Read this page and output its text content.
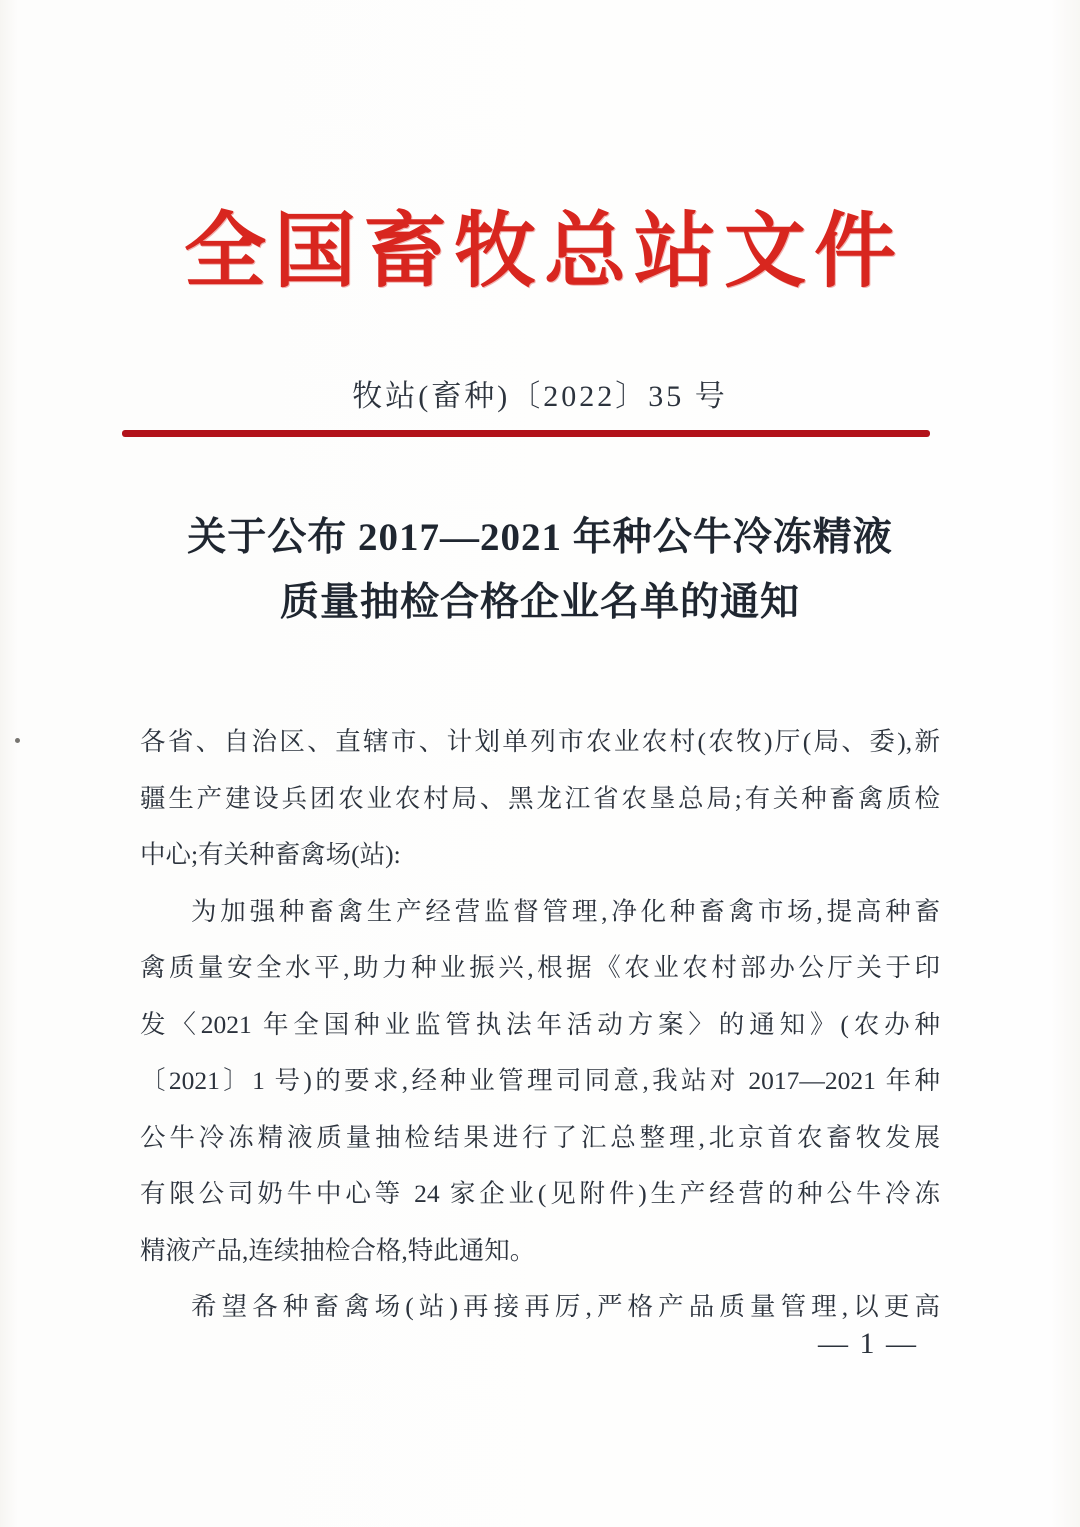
全国畜牧总站文件
牧站(畜种)〔2022〕35 号
关于公布 2017—2021 年种公牛冷冻精液
质量抽检合格企业名单的通知
各省、自治区、直辖市、计划单列市农业农村(农牧)厅(局、委),新
疆生产建设兵团农业农村局、黑龙江省农垦总局;有关种畜禽质检
中心;有关种畜禽场(站):
为加强种畜禽生产经营监督管理,净化种畜禽市场,提高种畜
禽质量安全水平,助力种业振兴,根据《农业农村部办公厅关于印
发〈2021 年全国种业监管执法年活动方案〉的通知》(农办种
〔2021〕1 号)的要求,经种业管理司同意,我站对 2017—2021 年种
公牛冷冻精液质量抽检结果进行了汇总整理,北京首农畜牧发展
有限公司奶牛中心等 24 家企业(见附件)生产经营的种公牛冷冻
精液产品,连续抽检合格,特此通知。
希望各种畜禽场(站)再接再厉,严格产品质量管理,以更高
— 1 —
